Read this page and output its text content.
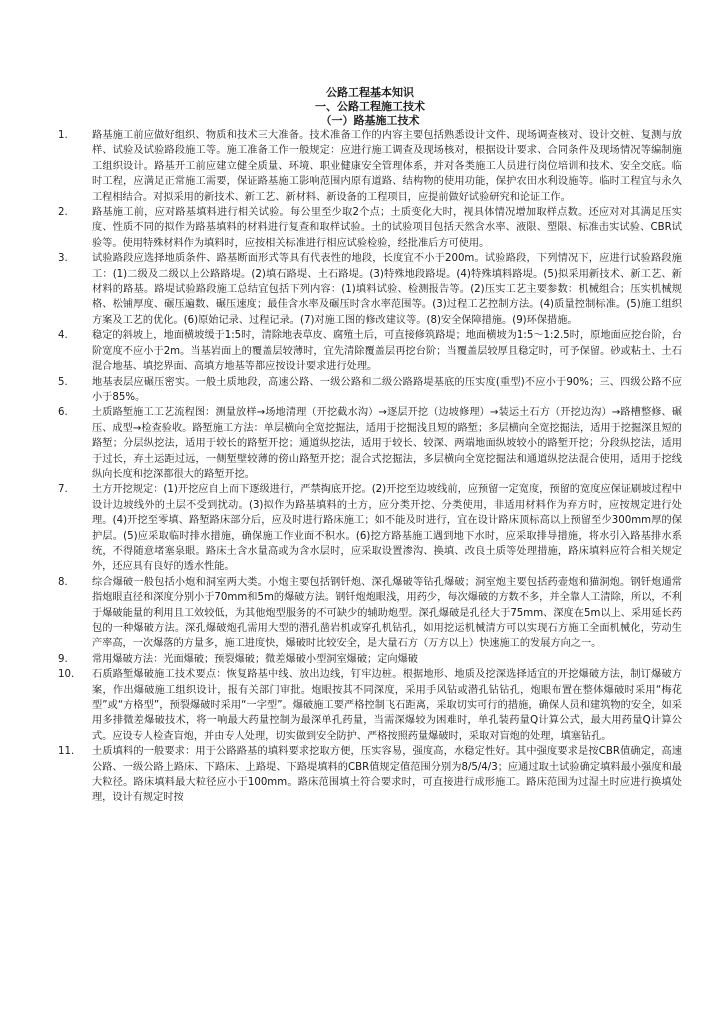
公路工程基本知识
一、公路工程施工技术
（一）路基施工技术
1. 路基施工前应做好组织、物质和技术三大准备。技术准备工作的内容主要包括熟悉设计文件、现场调查核对、设计交桩、复测与放样、试验及试验路段施工等。施工准备工作一般规定：应进行施工调查及现场核对，根据设计要求、合同条件及现场情况等编制施工组织设计。路基开工前应建立健全质量、环境、职业健康安全管理体系，并对各类施工人员进行岗位培训和技术、安全交底。临时工程，应满足正常施工需要，保证路基施工影响范围内原有道路、结构物的使用功能，保护农田水利设施等。临时工程宜与永久工程相结合。对拟采用的新技术、新工艺、新材料、新设备的工程项目，应提前做好试验研究和论证工作。
2. 路基施工前，应对路基填料进行相关试验。每公里至少取2个点；土质变化大时，视具体情况增加取样点数。还应对对其满足压实度、性质不同的拟作为路基填料的材料进行复查和取样试验。土的试验项目包括天然含水率、液限、塑限、标准击实试验、CBR试验等。使用特殊材料作为填料时，应按相关标准进行相应试验检验，经批准后方可使用。
3. 试验路段应选择地质条件、路基断面形式等具有代表性的地段，长度宜不小于200m。试验路段，下列情况下，应进行试验路段施工：(1)二级及二级以上公路路堤。(2)填石路堤、土石路堤。(3)特殊地段路堤。(4)特殊填料路堤。(5)拟采用新技术、新工艺、新材料的路基。路堤试验路段施工总结宜包括下列内容：(1)填料试验、检测报告等。(2)压实工艺主要参数：机械组合；压实机械规格、松铺厚度、碾压遍数、碾压速度；最佳含水率及碾压时含水率范围等。(3)过程工艺控制方法。(4)质量控制标准。(5)施工组织方案及工艺的优化。(6)原始记录、过程记录。(7)对施工图的修改建议等。(8)安全保障措施。(9)环保措施。
4. 稳定的斜坡上，地面横坡缓于1:5时，清除地表草皮、腐殖土后，可直接修筑路堤；地面横坡为1:5～1:2.5时，原地面应挖台阶，台阶宽度不应小于2m。当基岩面上的覆盖层较薄时，宜先清除覆盖层再挖台阶；当覆盖层较厚且稳定时，可予保留。砂或粘土、土石混合地基、填挖界面、高填方地基等都应按设计要求进行处理。
5. 地基表层应碾压密实。一般土质地段，高速公路、一级公路和二级公路路堤基底的压实度(重型)不应小于90%；三、四级公路不应小于85%。
6. 土质路堑施工工艺流程图：测量放样→场地清理（开挖截水沟）→逐层开挖（边坡修理）→装运土石方（开挖边沟）→路槽整修、碾压、成型→检查验收。路堑施工方法：单层横向全宽挖掘法，适用于挖掘浅且短的路堑；多层横向全宽挖掘法，适用于挖掘深且短的路堑；分层纵挖法，适用于较长的路堑开挖；通道纵挖法，适用于较长、较深、两端地面纵坡较小的路堑开挖；分段纵挖法，适用于过长，弃土运距过远，一侧堑壁较薄的傍山路堑开挖；混合式挖掘法，多层横向全宽挖掘法和通道纵挖法混合使用，适用于挖线纵向长度和挖深都很大的路堑开挖。
7. 土方开挖规定：(1)开挖应自上而下逐级进行，严禁掏底开挖。(2)开挖至边坡线前，应预留一定宽度，预留的宽度应保证刷坡过程中设计边坡线外的土层不受到扰动。(3)拟作为路基填料的土方，应分类开挖、分类使用，非适用材料作为弃方时，应按规定进行处理。(4)开挖至零填、路堑路床部分后，应及时进行路床施工；如不能及时进行，宜在设计路床顶标高以上预留至少300mm厚的保护层。(5)应采取临时排水措施，确保施工作业面不积水。(6)挖方路基施工遇到地下水时，应采取排导措施，将水引入路基排水系统，不得随意堵塞泉眼。路床土含水量高或为含水层时，应采取设置渗沟、换填、改良土质等处理措施，路床填料应符合相关规定外，还应具有良好的透水性能。
8. 综合爆破一般包括小炮和洞室两大类。小炮主要包括钢钎炮、深孔爆破等钻孔爆破；洞室炮主要包括药壶炮和猫洞炮。钢钎炮通常指炮眼直径和深度分别小于70mm和5m的爆破方法。钢钎炮炮眼浅，用药少，每次爆破的方数不多，并全靠人工清除，所以，不利于爆破能量的利用且工效较低，为其他炮型服务的不可缺少的辅助炮型。深孔爆破是孔径大于75mm、深度在5m以上、采用延长药包的一种爆破方法。深孔爆破炮孔需用大型的潜孔凿岩机或穿孔机钻孔，如用挖运机械清方可以实现石方施工全面机械化，劳动生产率高，一次爆落的方量多，施工进度快，爆破时比较安全，是大量石方（万方以上）快速施工的发展方向之一。
9. 常用爆破方法：光面爆破；预裂爆破；微差爆破小型洞室爆破；定向爆破
10. 石质路堑爆破施工技术要点：恢复路基中线、放出边线，钉牢边桩。根据地形、地质及挖深选择适宜的开挖爆破方法，制订爆破方案，作出爆破施工组织设计，报有关部门审批。炮眼按其不同深度，采用手风钻或潜孔钻钻孔，炮眼布置在整体爆破时采用“梅花型”或“方格型”，预裂爆破时采用“一字型”。爆破施工要严格控制飞石距离，采取切实可行的措施，确保人员和建筑物的安全，如采用多排微差爆破技术，将一响最大药量控制为最深单孔药量，当需深爆较为困难时，单孔装药量Q计算公式，最大用药量Q计算公式。应设专人检查盲炮，并由专人处理，切实做到安全防护、严格按照药量爆破时，采取对盲炮的处理，填塞钻孔。
11. 土质填料的一般要求：用于公路路基的填料要求挖取方便，压实容易，强度高，水稳定性好。其中强度要求是按CBR值确定，高速公路、一级公路上路床、下路床、上路堤、下路堤填料的CBR值规定值范围分别为8/5/4/3；应通过取土试验确定填料最小强度和最大粒径。路床填料最大粒径应小于100mm。路床范围填土符合要求时，可直接进行成形施工。路床范围为过湿土时应进行换填处理，设计有规定时按
